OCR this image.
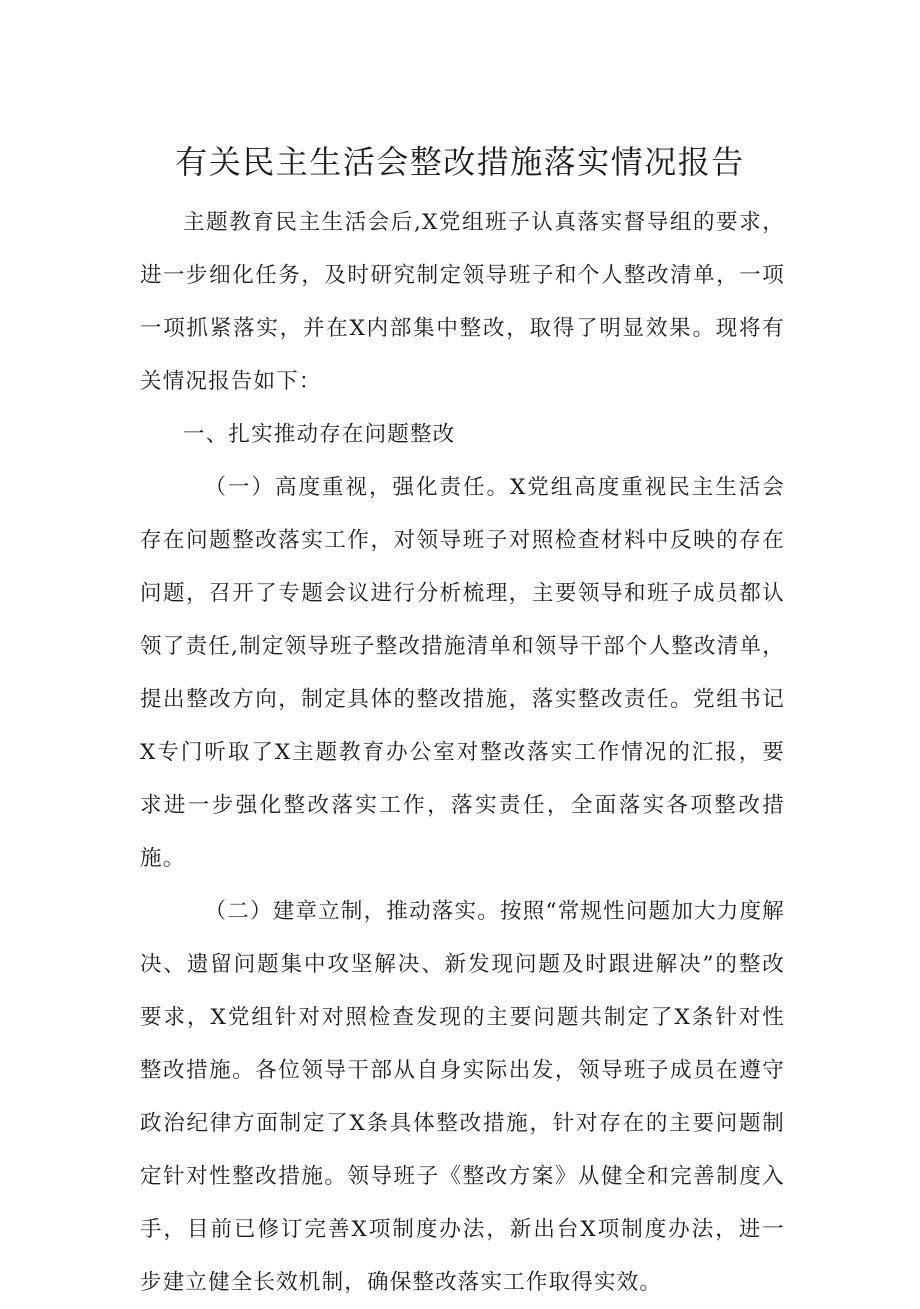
有关民主生活会整改措施落实情况报告

主题教育民主生活会后,X党组班子认真落实督导组的要求，进一步细化任务，及时研究制定领导班子和个人整改清单，一项一项抓紧落实，并在X内部集中整改，取得了明显效果。现将有关情况报告如下：

一、扎实推动存在问题整改

（一）高度重视，强化责任。X党组高度重视民主生活会存在问题整改落实工作，对领导班子对照检查材料中反映的存在问题，召开了专题会议进行分析梳理，主要领导和班子成员都认领了责任,制定领导班子整改措施清单和领导干部个人整改清单，提出整改方向，制定具体的整改措施，落实整改责任。党组书记X专门听取了X主题教育办公室对整改落实工作情况的汇报，要求进一步强化整改落实工作，落实责任，全面落实各项整改措施。

（二）建章立制，推动落实。按照“常规性问题加大力度解决、遗留问题集中攻坚解决、新发现问题及时跟进解决”的整改要求，X党组针对对照检查发现的主要问题共制定了X条针对性整改措施。各位领导干部从自身实际出发，领导班子成员在遵守政治纪律方面制定了X条具体整改措施，针对存在的主要问题制定针对性整改措施。领导班子《整改方案》从健全和完善制度入手，目前已修订完善X项制度办法，新出台X项制度办法，进一步建立健全长效机制，确保整改落实工作取得实效。
